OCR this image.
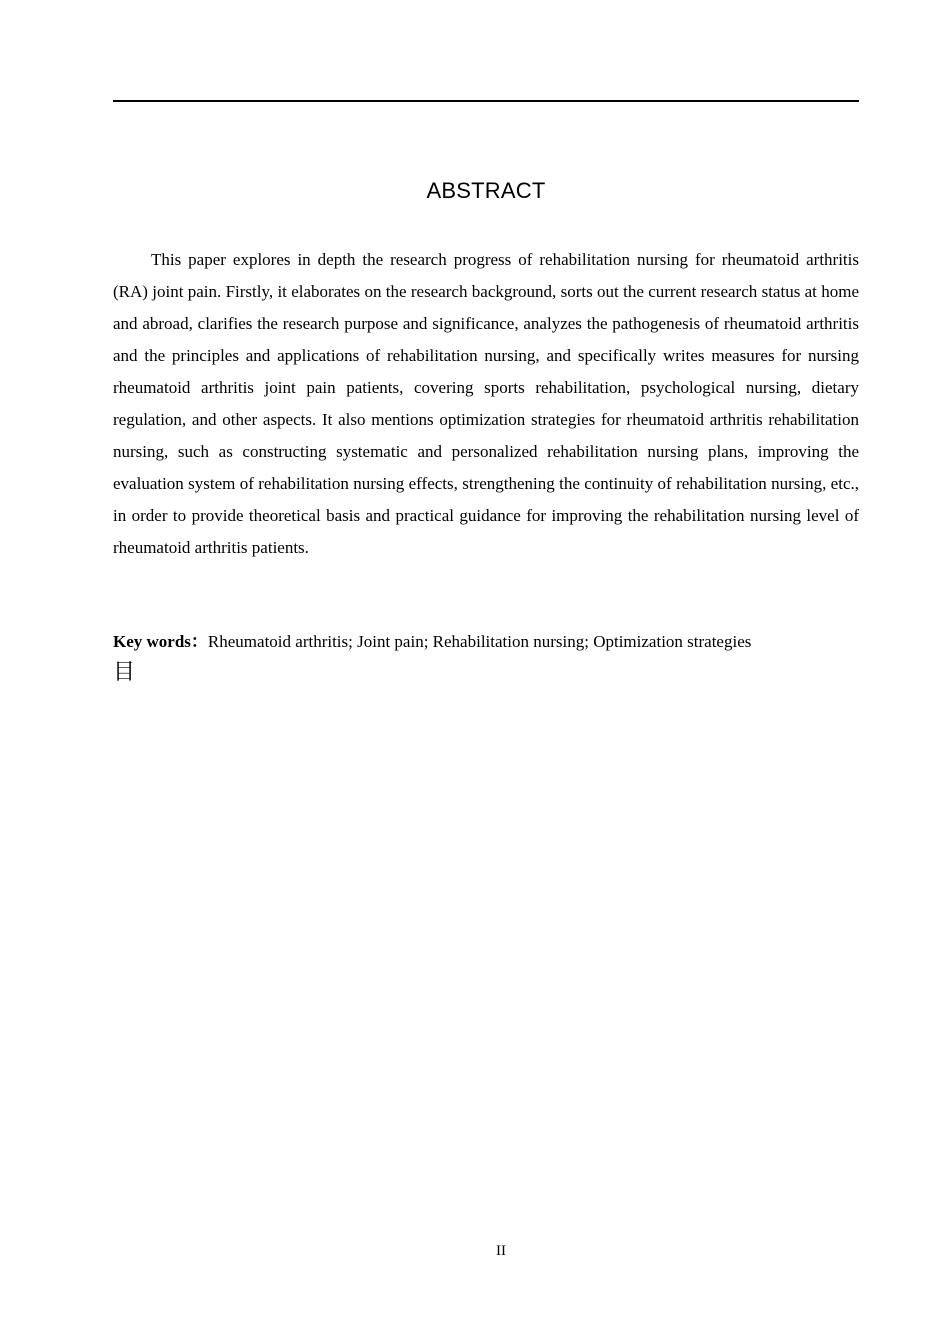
ABSTRACT

This paper explores in depth the research progress of rehabilitation nursing for rheumatoid arthritis (RA) joint pain. Firstly, it elaborates on the research background, sorts out the current research status at home and abroad, clarifies the research purpose and significance, analyzes the pathogenesis of rheumatoid arthritis and the principles and applications of rehabilitation nursing, and specifically writes measures for nursing rheumatoid arthritis joint pain patients, covering sports rehabilitation, psychological nursing, dietary regulation, and other aspects. It also mentions optimization strategies for rheumatoid arthritis rehabilitation nursing, such as constructing systematic and personalized rehabilitation nursing plans, improving the evaluation system of rehabilitation nursing effects, strengthening the continuity of rehabilitation nursing, etc., in order to provide theoretical basis and practical guidance for improving the rehabilitation nursing level of rheumatoid arthritis patients.

Key words：Rheumatoid arthritis; Joint pain; Rehabilitation nursing; Optimization strategies

目
II
